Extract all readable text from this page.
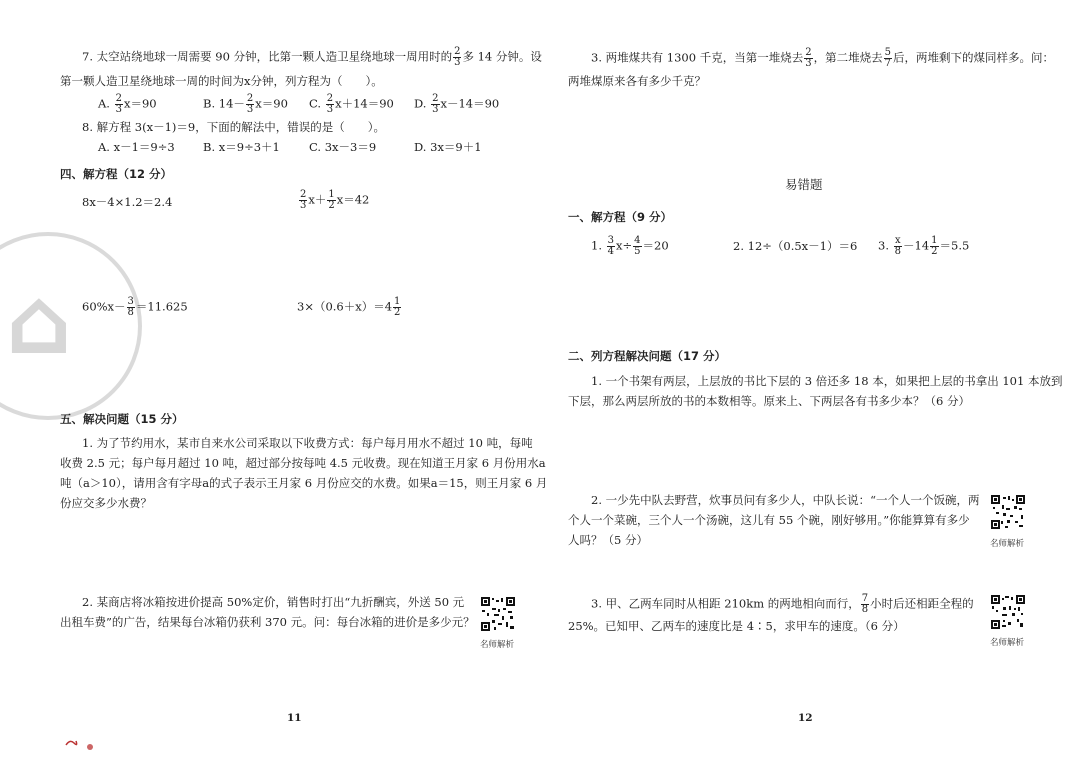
⌂
7. 太空站绕地球一周需要 90 分钟，比第一颗人造卫星绕地球一周用时的 $\frac{2}{3}$ 多 14 分钟。设
第一颗人造卫星绕地球一周的时间为x分钟，列方程为（　　）。
A. $\frac{2}{3} x=90$	B. $14- \frac{2}{3} x=90$ C. $\frac{2}{3} x+14=90$ D. $\frac{2}{3} x-14=90$
8. 解方程 3(x－1)＝9，下面的解法中，错误的是（　　）。
A. x－1＝9÷3 B. x＝9÷3＋1	C. 3x－3＝9	D. 3x＝9＋1
四、解方程（12 分）
8x－4×1.2＝2.4	$\frac{2}{3} x+ \frac{1}{2} x=42$
$60\%x- \frac{3}{8} =11.625$	$3\times(0.6+x)=4 \frac{1}{2}$
五、解决问题（15 分）
1. 为了节约用水，某市自来水公司采取以下收费方式：每户每月用水不超过 10 吨，每吨
收费 2.5 元；每户每月超过 10 吨，超过部分按每吨 4.5 元收费。现在知道王月家 6 月份用水a
吨（a＞10），请用含有字母a的式子表示王月家 6 月份应交的水费。如果a＝15，则王月家 6 月
份应交多少水费？
2. 某商店将冰箱按进价提高 50%定价，销售时打出“九折酬宾，外送 50 元
出租车费”的广告，结果每台冰箱仍获利 370 元。问：每台冰箱的进价是多少元？
名师解析
11
3. 两堆煤共有 1300 千克，当第一堆烧去 $\frac{2}{3}$ ，第二堆烧去 $\frac{5}{7}$ 后，两堆剩下的煤同样多。问：
两堆煤原来各有多少千克？
易错题
一、解方程（9 分）
1. $\frac{3}{4} x\div \frac{4}{5} =20$	2. 12÷（0.5x－1）＝6 3. $\frac{x}{8} -14 \frac{1}{2} =5.5$
二、列方程解决问题（17 分）
1. 一个书架有两层，上层放的书比下层的 3 倍还多 18 本，如果把上层的书拿出 101 本放到
下层，那么两层所放的书的本数相等。原来上、下两层各有书多少本？（6 分）
2. 一少先中队去野营，炊事员问有多少人，中队长说：“一个人一个饭碗，两
个人一个菜碗，三个人一个汤碗，这儿有 55 个碗，刚好够用。”你能算算有多少
人吗？（5 分）	名师解析
3. 甲、乙两车同时从相距 210km 的两地相向而行， $\frac{7}{8}$ 小时后还相距全程的
25%。已知甲、乙两车的速度比是 4∶5，求甲车的速度。（6 分）
名师解析
12
